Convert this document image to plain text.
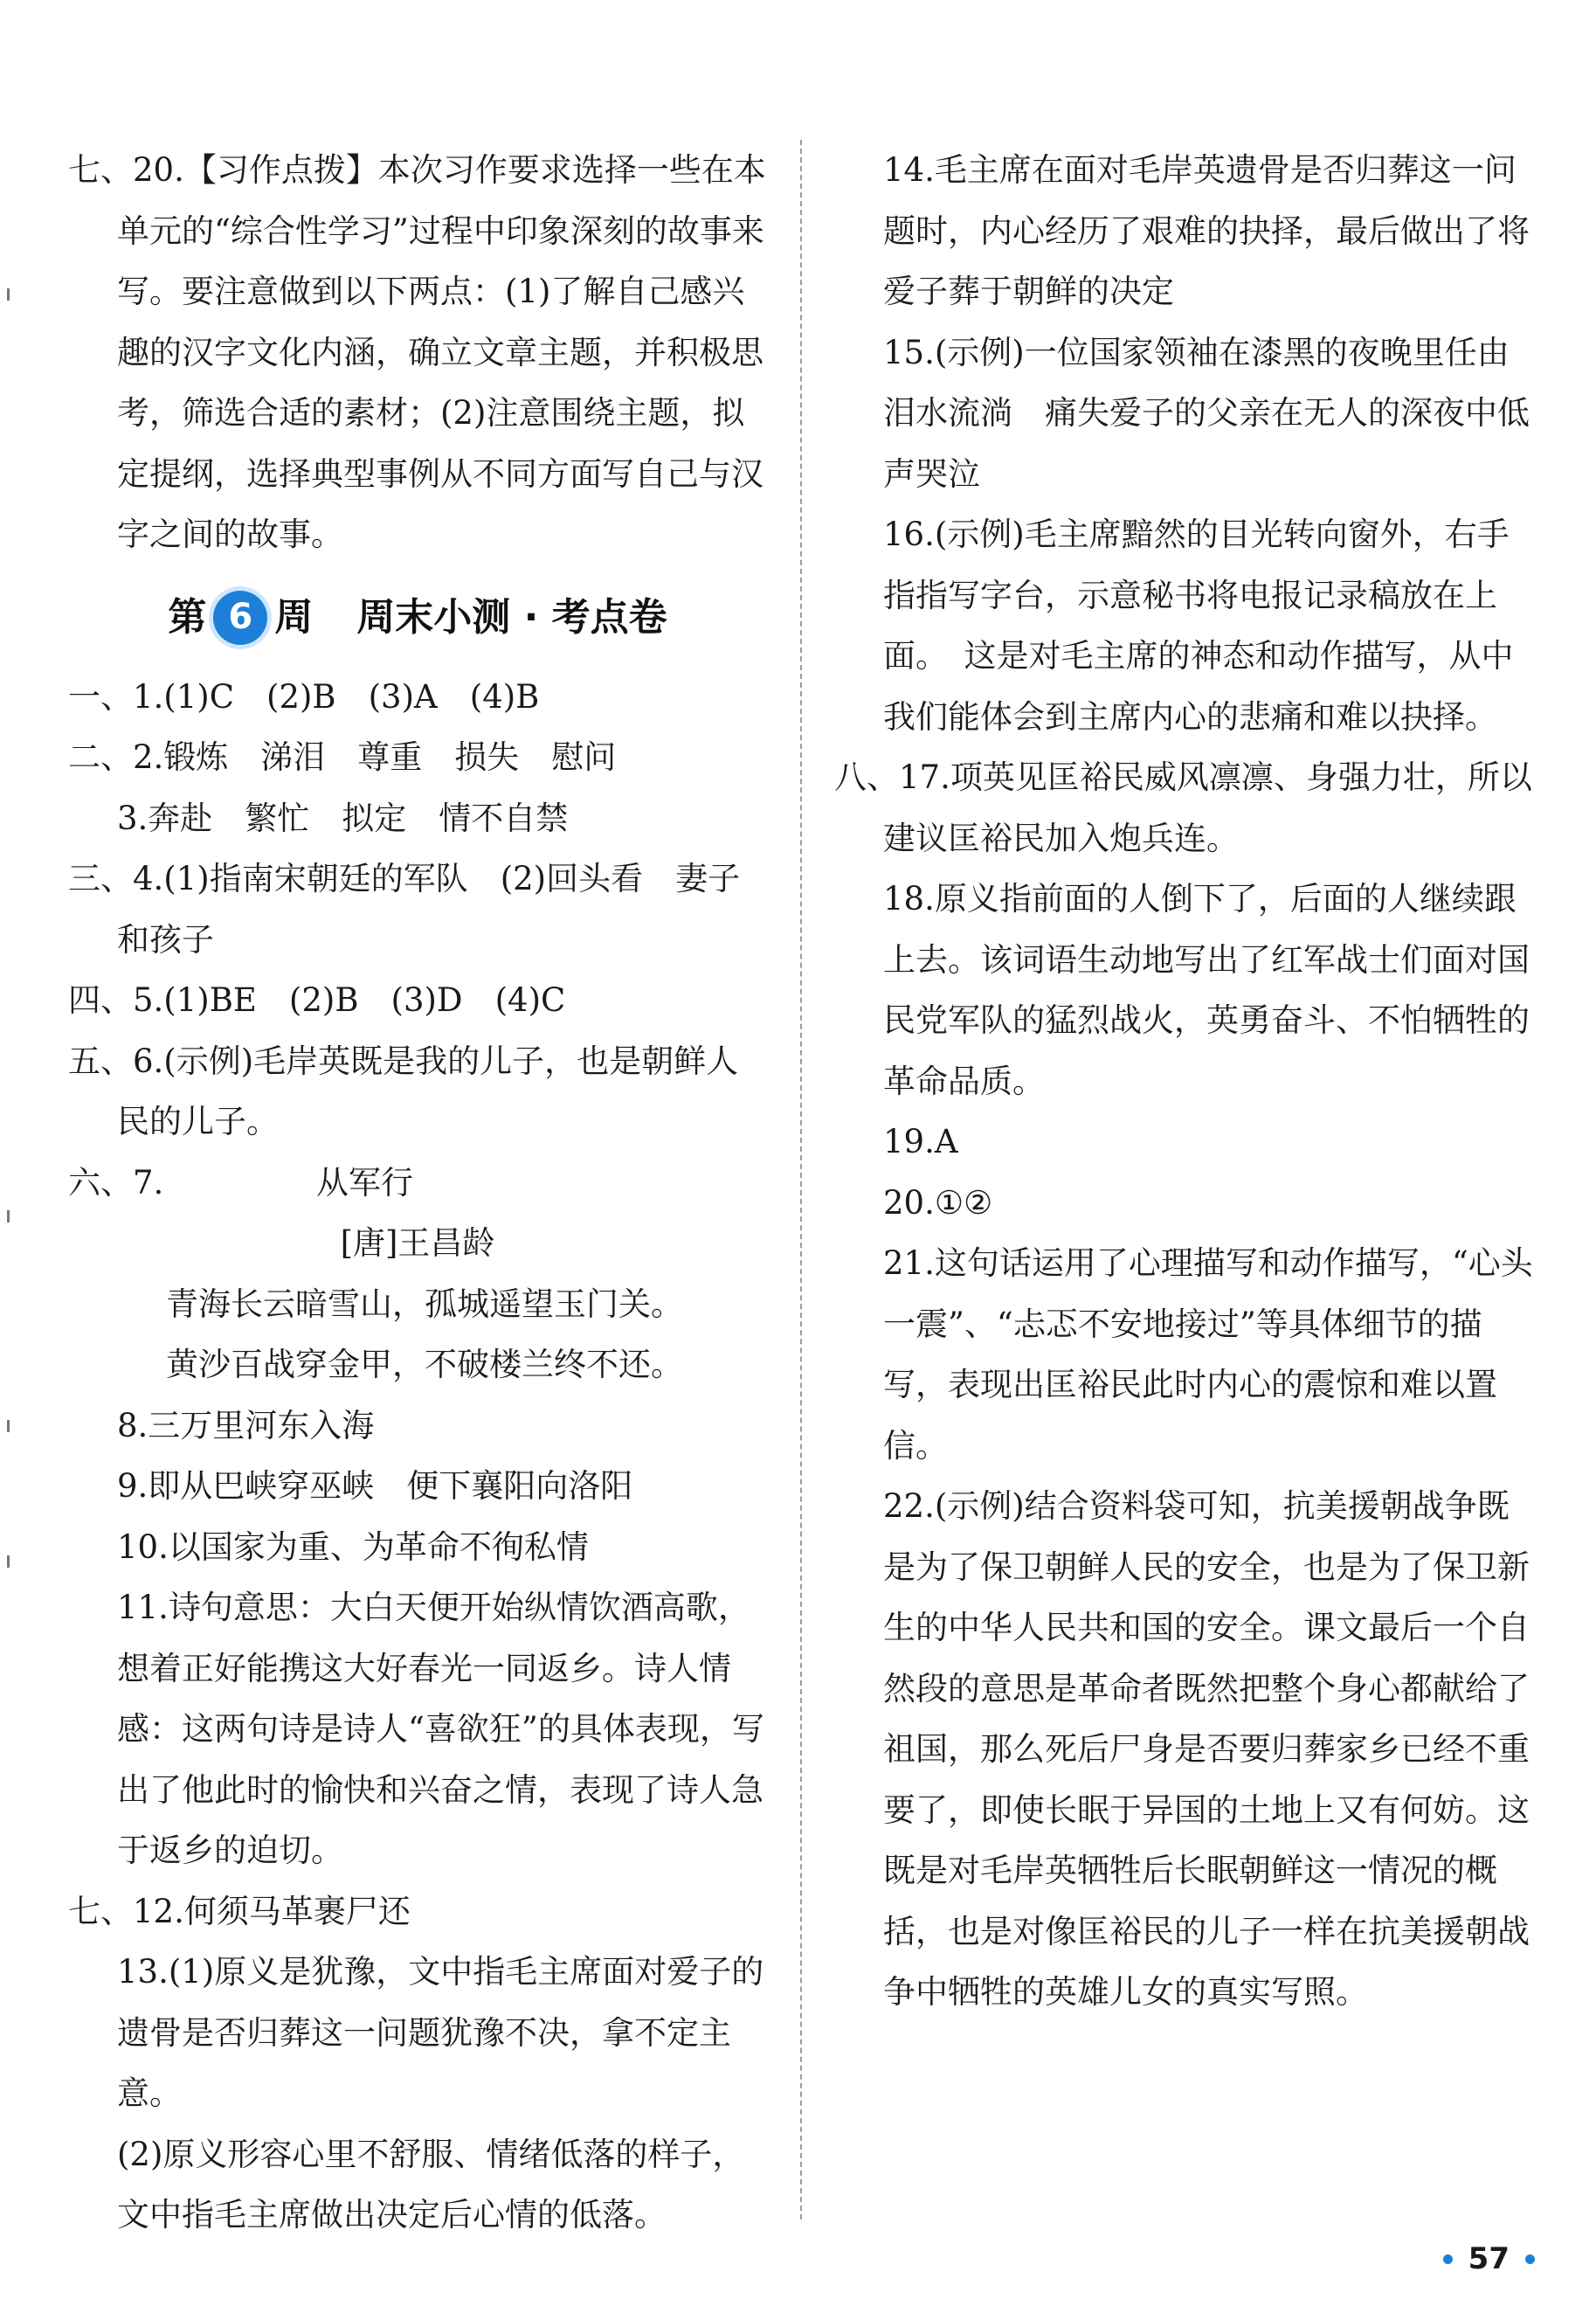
七、20.【习作点拨】本次习作要求选择一些在本单元的“综合性学习”过程中印象深刻的故事来写。要注意做到以下两点：(1)了解自己感兴趣的汉字文化内涵，确立文章主题，并积极思考，筛选合适的素材；(2)注意围绕主题，拟定提纲，选择典型事例从不同方面写自己与汉字之间的故事。

第 6 周 周末小测 · 考点卷

一、1.(1)C　(2)B　(3)A　(4)B

二、2.锻炼　涕泪　尊重　损失　慰问

3.奔赴　繁忙　拟定　情不自禁

三、4.(1)指南宋朝廷的军队　(2)回头看　妻子和孩子

四、5.(1)BE　(2)B　(3)D　(4)C

五、6.(示例)毛岸英既是我的儿子，也是朝鲜人民的儿子。

六、7.	从军行

[唐]王昌龄

青海长云暗雪山，孤城遥望玉门关。

黄沙百战穿金甲，不破楼兰终不还。

8.三万里河东入海

9.即从巴峡穿巫峡　便下襄阳向洛阳

10.以国家为重、为革命不徇私情

11.诗句意思：大白天便开始纵情饮酒高歌，想着正好能携这大好春光一同返乡。诗人情感：这两句诗是诗人“喜欲狂”的具体表现，写出了他此时的愉快和兴奋之情，表现了诗人急于返乡的迫切。

七、12.何须马革裹尸还

13.(1)原义是犹豫，文中指毛主席面对爱子的遗骨是否归葬这一问题犹豫不决，拿不定主意。

(2)原义形容心里不舒服、情绪低落的样子，文中指毛主席做出决定后心情的低落。

14.毛主席在面对毛岸英遗骨是否归葬这一问题时，内心经历了艰难的抉择，最后做出了将爱子葬于朝鲜的决定

15.(示例)一位国家领袖在漆黑的夜晚里任由泪水流淌　痛失爱子的父亲在无人的深夜中低声哭泣

16.(示例)毛主席黯然的目光转向窗外，右手指指写字台，示意秘书将电报记录稿放在上面。　这是对毛主席的神态和动作描写，从中我们能体会到主席内心的悲痛和难以抉择。

八、17.项英见匡裕民威风凛凛、身强力壮，所以建议匡裕民加入炮兵连。

18.原义指前面的人倒下了，后面的人继续跟上去。该词语生动地写出了红军战士们面对国民党军队的猛烈战火，英勇奋斗、不怕牺牲的革命品质。

19.A

20.①②

21.这句话运用了心理描写和动作描写，“心头一震”、“忐忑不安地接过”等具体细节的描写，表现出匡裕民此时内心的震惊和难以置信。

22.(示例)结合资料袋可知，抗美援朝战争既是为了保卫朝鲜人民的安全，也是为了保卫新生的中华人民共和国的安全。课文最后一个自然段的意思是革命者既然把整个身心都献给了祖国，那么死后尸身是否要归葬家乡已经不重要了，即使长眠于异国的土地上又有何妨。这既是对毛岸英牺牲后长眠朝鲜这一情况的概括，也是对像匡裕民的儿子一样在抗美援朝战争中牺牲的英雄儿女的真实写照。

57
